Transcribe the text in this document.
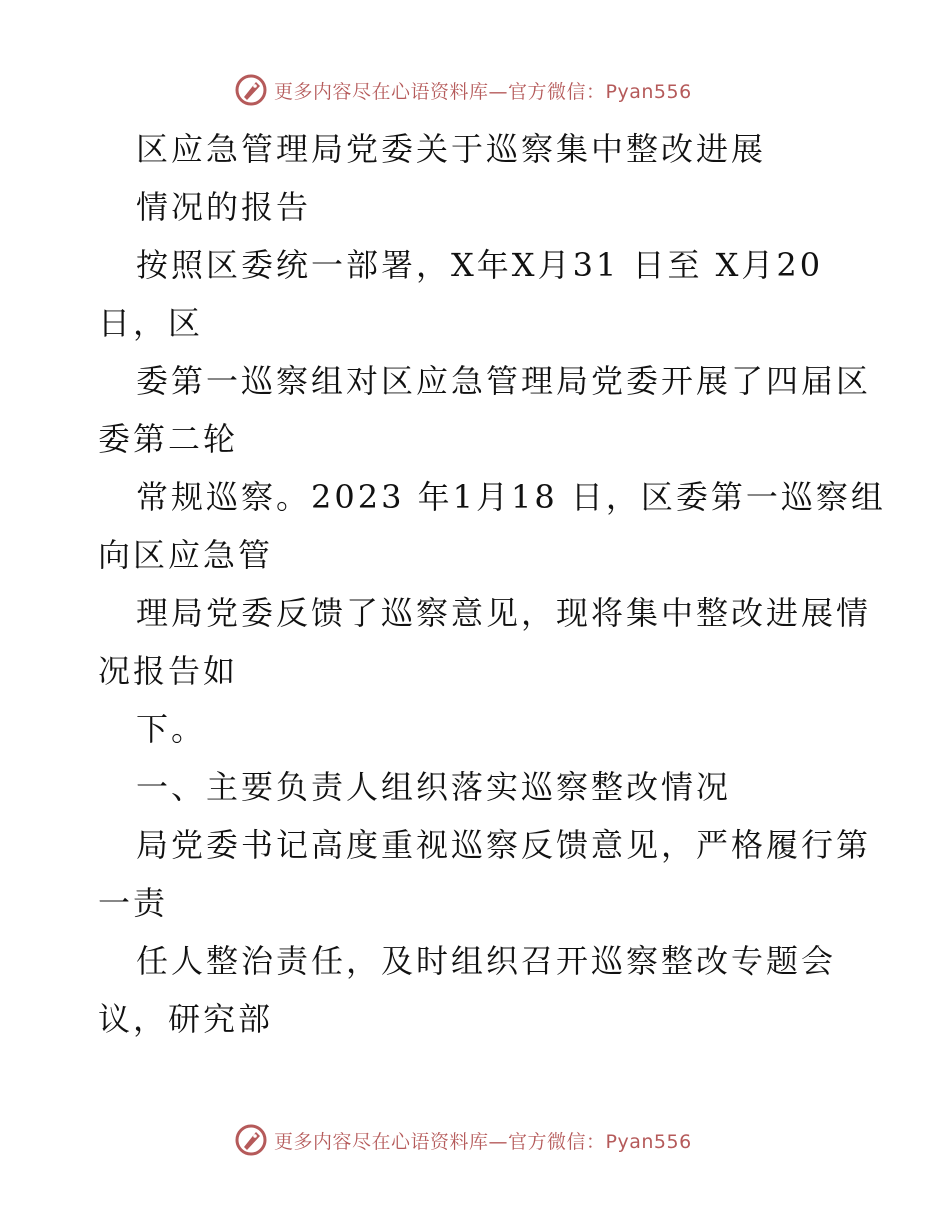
更多内容尽在心语资料库—官方微信：Pyan556
区应急管理局党委关于巡察集中整改进展
情况的报告
按照区委统一部署，X年X月31 日至 X月20
日，区
委第一巡察组对区应急管理局党委开展了四届区
委第二轮
常规巡察。2023 年1月18 日，区委第一巡察组
向区应急管
理局党委反馈了巡察意见，现将集中整改进展情
况报告如
下。
一、主要负责人组织落实巡察整改情况
局党委书记高度重视巡察反馈意见，严格履行第
一责
任人整治责任，及时组织召开巡察整改专题会
议，研究部
更多内容尽在心语资料库—官方微信：Pyan556
